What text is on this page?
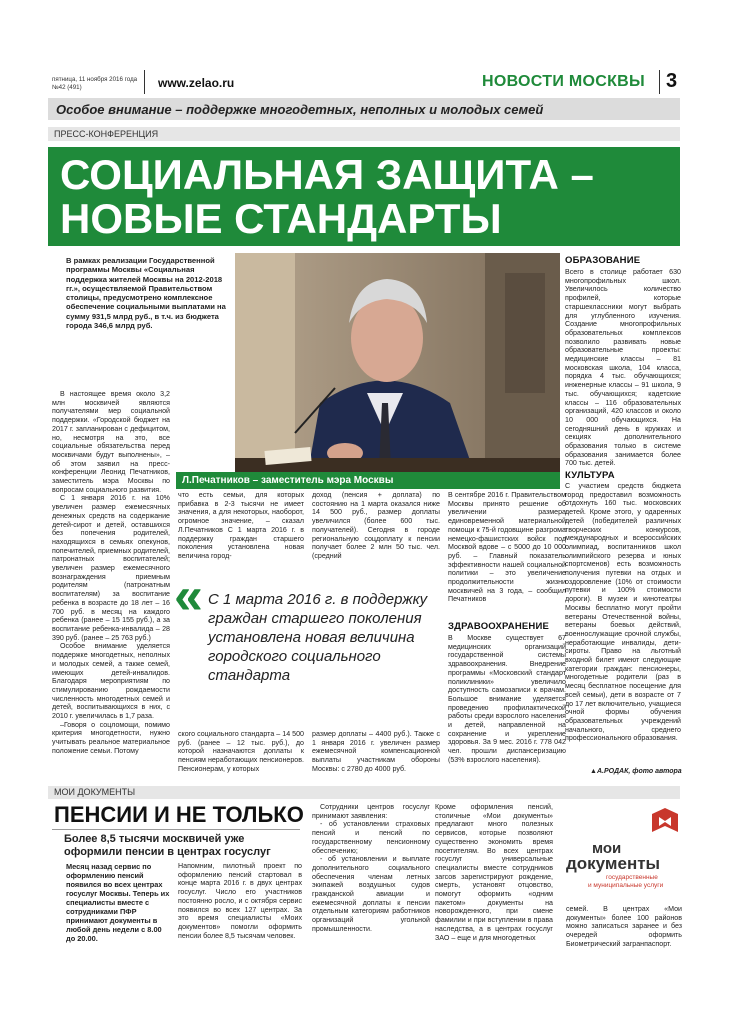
пятница, 11 ноября 2016 года
№42 (491)	www.zelao.ru	НОВОСТИ МОСКВЫ 3
Особое внимание – поддержке многодетных, неполных и молодых семей
ПРЕСС-КОНФЕРЕНЦИЯ
СОЦИАЛЬНАЯ ЗАЩИТА –
НОВЫЕ СТАНДАРТЫ
В рамках реализации Государственной программы Москвы «Социальная поддержка жителей Москвы на 2012-2018 гг.», осуществляемой Правительством столицы, предусмотрено комплексное обеспечение социальными выплатами на сумму 931,5 млрд руб., в т.ч. из бюджета города 346,6 млрд руб.
Л.Печатников – заместитель мэра Москвы

В настоящее время около 3,2 млн москвичей являются получателями мер социальной поддержки. «Городской бюджет на 2017 г. запланирован с дефицитом, но, несмотря на это, все социальные обязательства перед москвичами будут выполнены», – об этом заявил на пресс-конференции Леонид Печатников, заместитель мэра Москвы по вопросам социального развития.

С 1 января 2016 г. на 10% увеличен размер ежемесячных денежных средств на содержание детей-сирот и детей, оставшихся без попечения родителей, находящихся в семьях опекунов, попечителей, приемных родителей, патронатных воспитателей; увеличен размер ежемесячного вознаграждения приемным родителям (патронатным воспитателям) за воспитание ребенка в возрасте до 18 лет – 16 700 руб. в месяц на каждого ребенка (ранее – 15 155 руб.), а за воспитание ребенка-инвалида – 28 390 руб. (ранее – 25 763 руб.)

Особое внимание уделяется поддержке многодетных, неполных и молодых семей, а также семей, имеющих детей-инвалидов. Благодаря мероприятиям по стимулированию рождаемости численность многодетных семей и детей, воспитывающихся в них, с 2010 г. увеличилась в 1,7 раза.

–Говоря о соцломощи, помимо критерия многодетности, нужно учитывать реальное материальное положение семьи. Потому

что есть семьи, для которых прибавка в 2-3 тысячи не имеет значения, а для некоторых, наоборот, огромное значение, – сказал Л.Печатников С 1 марта 2016 г. в поддержку граждан старшего поколения установлена новая величина город-
доход (пенсия + доплата) по состоянию на 1 марта оказался ниже 14 500 руб., размер доплаты увеличился (более 600 тыс. получателей). Сегодня в городе региональную соцдоплату к пенсии получает более 2 млн 50 тыс. чел. (средний
« С 1 марта 2016 г. в поддержку граждан старшего поколения установлена новая величина городского социального стандарта
ского социального стандарта – 14 500 руб. (ранее – 12 тыс. руб.), до которой назначаются доплаты к пенсиям неработающих пенсионеров. Пенсионерам, у которых
размер доплаты – 4400 руб.). Также с 1 января 2016 г. увеличен размер ежемесячной компенсационной выплаты участникам обороны Москвы: с 2780 до 4000 руб.
В сентябре 2016 г. Правительством Москвы принято решение об увеличении размера единовременной материальной помощи к 75-й годовщине разгрома немецко-фашистских войск под Москвой вдове – с 5000 до 10 000 руб. – Главный показатель эффективности нашей социальной политики – это увеличение продолжительности жизни москвичей на 3 года, – сообщил Печатников
ЗДРАВООХРАНЕНИЕ
В Москве существует 67 медицинских организаций государственной системы здравоохранения. Внедрение программы «Московский стандарт поликлиники» увеличило доступность самозаписи к врачам. Большое внимание уделяется проведению профилактической работы среди взрослого населения и детей, направленной на сохранение и укрепление здоровья. За 9 мес. 2016 г. 778 042 чел. прошли диспансеризацию (53% взрослого населения).
ОБРАЗОВАНИЕ
Всего в столице работает 630 многопрофильных школ. Увеличилось количество профилей, которые старшеклассники могут выбрать для углубленного изучения. Создание многопрофильных образовательных комплексов позволило развивать новые образовательные проекты: медицинские классы – 81 московская школа, 104 класса, порядка 4 тыс. обучающихся; инженерные классы – 91 школа, 9 тыс. обучающихся; кадетские классы – 116 образовательных организаций, 420 классов и около 10 000 обучающихся. На сегодняшний день в кружках и секциях дополнительного образования только в системе образования занимается более 700 тыс. детей.
КУЛЬТУРА
С участием средств бюджета город предоставил возможность отдохнуть 160 тыс. московских детей. Кроме этого, у одаренных детей (победителей различных творческих конкурсов, международных и всероссийских олимпиад, воспитанников школ олимпийского резерва и юных спортсменов) есть возможность получения путевки на отдых и оздоровление (10% от стоимости путевки и 100% стоимости дороги). В музеи и кинотеатры Москвы бесплатно могут пройти ветераны Отечественной войны, ветераны боевых действий, военнослужащие срочной службы, неработающие инвалиды, дети-сироты. Право на льготный входной билет имеют следующие категории граждан: пенсионеры, многодетные родители (раз в месяц бесплатное посещение для всей семьи), дети в возрасте от 7 до 17 лет включительно, учащиеся очной формы обучения образовательных учреждений начального, среднего профессионального образования.
▲А.РОДАК, фото автора
МОИ ДОКУМЕНТЫ
ПЕНСИИ И НЕ ТОЛЬКО
Более 8,5 тысячи москвичей уже оформили пенсии в центрах госуслуг
Месяц назад сервис по оформлению пенсий появился во всех центрах госуслуг Москвы. Теперь их специалисты вместе с сотрудниками ПФР принимают документы в любой день недели с 8.00 до 20.00.
Напомним, пилотный проект по оформлению пенсий стартовал в конце марта 2016 г. в двух центрах госуслуг. Число его участников постоянно росло, и с октября сервис появился во всех 127 центрах. За это время специалисты «Моих документов» помогли оформить пенсии более 8,5 тысячам человек.

Сотрудники центров госуслуг принимают заявления:

- об установлении страховых пенсий и пенсий по государственному пенсионному обеспечению;

- об установлении и выплате дополнительного социального обеспечения членам летных экипажей воздушных судов гражданской авиации и ежемесячной доплаты к пенсии отдельным категориям работников организаций угольной промышленности.

Кроме оформления пенсий, столичные «Мои документы» предлагают много полезных сервисов, которые позволяют существенно экономить время посетителям. Во всех центрах госуслуг универсальные специалисты вместе сотрудников загсов зарегистрируют рождение, смерть, установят отцовство, помогут оформить «одним пакетом» документы на новорожденного, при смене фамилии и при вступлении в права наследства, а в центрах госуслуг ЗАО – еще и для многодетных
мои
документы
государственные
и муниципальные услуги
семей. В центрах «Мои документы» более 100 районов можно записаться заранее и без очередей оформить Биометрический загранпаспорт.
